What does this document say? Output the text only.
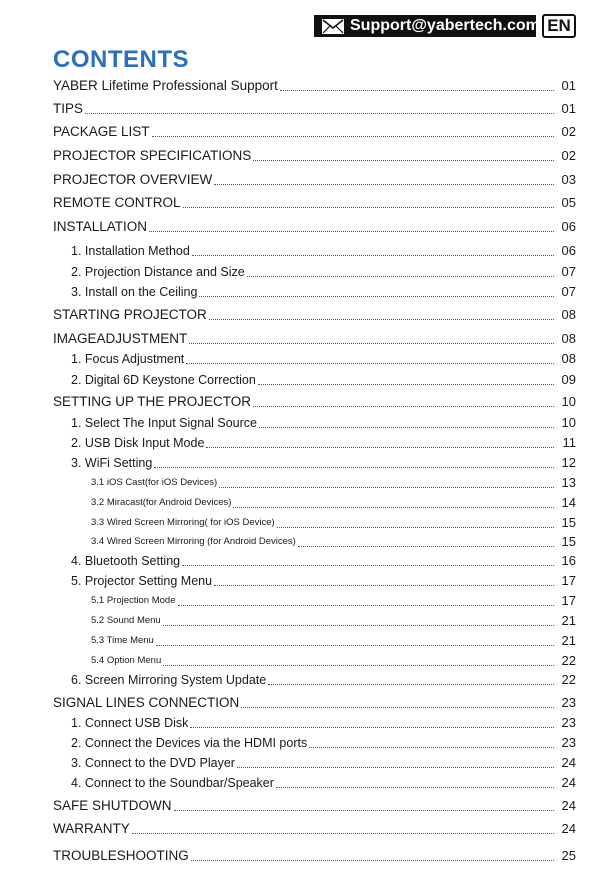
Support@yabertech.com EN
CONTENTS
YABER Lifetime Professional Support	01
TIPS	01
PACKAGE LIST	02
PROJECTOR SPECIFICATIONS	02
PROJECTOR OVERVIEW	03
REMOTE CONTROL	05
INSTALLATION	06
1. Installation Method	06
2. Projection Distance and Size	07
3. Install on the Ceiling	07
STARTING PROJECTOR	08
IMAGEADJUSTMENT	08
1. Focus Adjustment	08
2. Digital 6D Keystone Correction	09
SETTING UP THE PROJECTOR	10
1. Select The Input Signal Source	10
2. USB Disk Input Mode	11
3. WiFi Setting	12
3.1 iOS Cast(for iOS Devices)	13
3.2 Miracast(for Android Devices)	14
3.3 Wired Screen Mirroring( for iOS Device)	15
3.4 Wired Screen Mirroring (for Android Devices)	15
4. Bluetooth Setting	16
5. Projector Setting Menu	17
5.1 Projection Mode	17
5.2 Sound Menu	21
5.3 Time Menu	21
5.4 Option Menu	22
6. Screen Mirroring System Update	22
SIGNAL LINES CONNECTION	23
1. Connect USB Disk	23
2. Connect the Devices via the HDMI ports	23
3. Connect to the DVD Player	24
4. Connect to the Soundbar/Speaker	24
SAFE SHUTDOWN	24
WARRANTY	24
TROUBLESHOOTING	25
